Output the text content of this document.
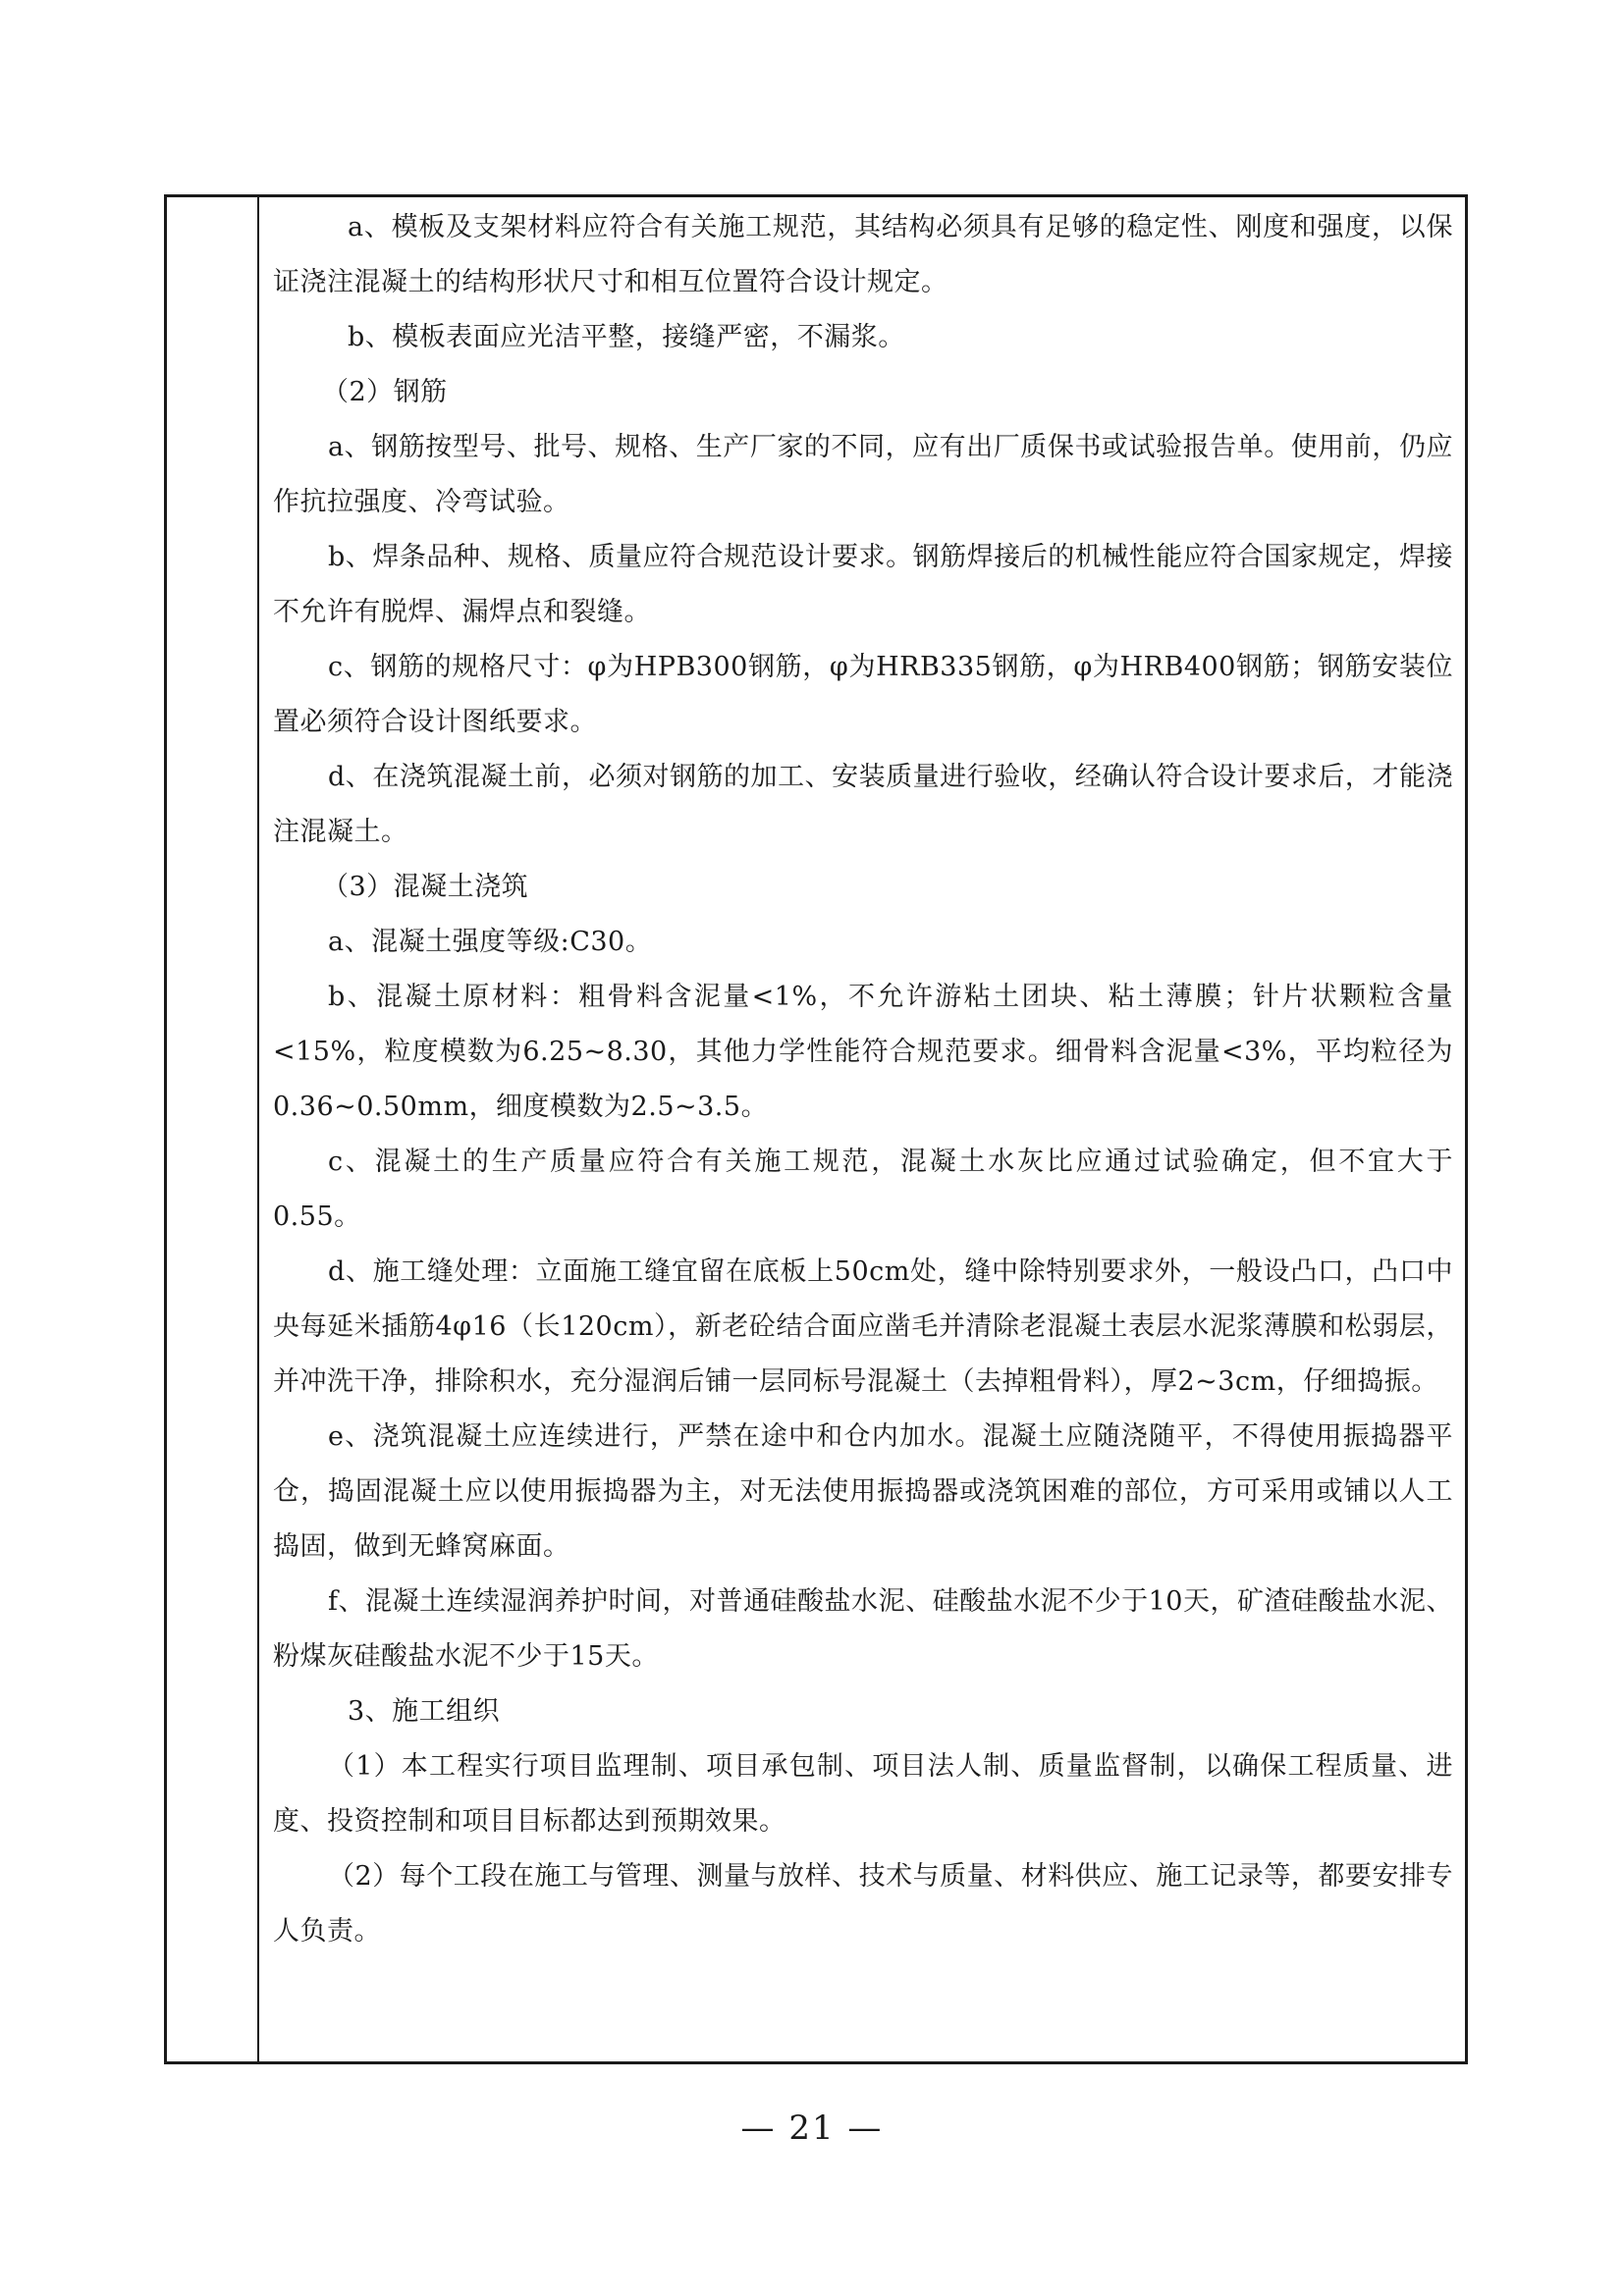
a、模板及支架材料应符合有关施工规范，其结构必须具有足够的稳定性、刚度和强度，以保证浇注混凝土的结构形状尺寸和相互位置符合设计规定。

b、模板表面应光洁平整，接缝严密，不漏浆。

（2）钢筋

a、钢筋按型号、批号、规格、生产厂家的不同，应有出厂质保书或试验报告单。使用前，仍应作抗拉强度、冷弯试验。

b、焊条品种、规格、质量应符合规范设计要求。钢筋焊接后的机械性能应符合国家规定，焊接不允许有脱焊、漏焊点和裂缝。

c、钢筋的规格尺寸：φ为HPB300钢筋，φ为HRB335钢筋，φ为HRB400钢筋；钢筋安装位置必须符合设计图纸要求。

d、在浇筑混凝土前，必须对钢筋的加工、安装质量进行验收，经确认符合设计要求后，才能浇注混凝土。

（3）混凝土浇筑

a、混凝土强度等级:C30。

b、混凝土原材料：粗骨料含泥量<1%，不允许游粘土团块、粘土薄膜；针片状颗粒含量<15%，粒度模数为6.25~8.30，其他力学性能符合规范要求。细骨料含泥量<3%，平均粒径为0.36~0.50mm，细度模数为2.5~3.5。

c、混凝土的生产质量应符合有关施工规范，混凝土水灰比应通过试验确定，但不宜大于0.55。

d、施工缝处理：立面施工缝宜留在底板上50cm处，缝中除特别要求外，一般设凸口，凸口中央每延米插筋4φ16（长120cm），新老砼结合面应凿毛并清除老混凝土表层水泥浆薄膜和松弱层，并冲洗干净，排除积水，充分湿润后铺一层同标号混凝土（去掉粗骨料），厚2~3cm，仔细捣振。

e、浇筑混凝土应连续进行，严禁在途中和仓内加水。混凝土应随浇随平，不得使用振捣器平仓，捣固混凝土应以使用振捣器为主，对无法使用振捣器或浇筑困难的部位，方可采用或铺以人工捣固，做到无蜂窝麻面。

f、混凝土连续湿润养护时间，对普通硅酸盐水泥、硅酸盐水泥不少于10天，矿渣硅酸盐水泥、粉煤灰硅酸盐水泥不少于15天。

3、施工组织

（1）本工程实行项目监理制、项目承包制、项目法人制、质量监督制，以确保工程质量、进度、投资控制和项目目标都达到预期效果。

（2）每个工段在施工与管理、测量与放样、技术与质量、材料供应、施工记录等，都要安排专人负责。

— 21 —
